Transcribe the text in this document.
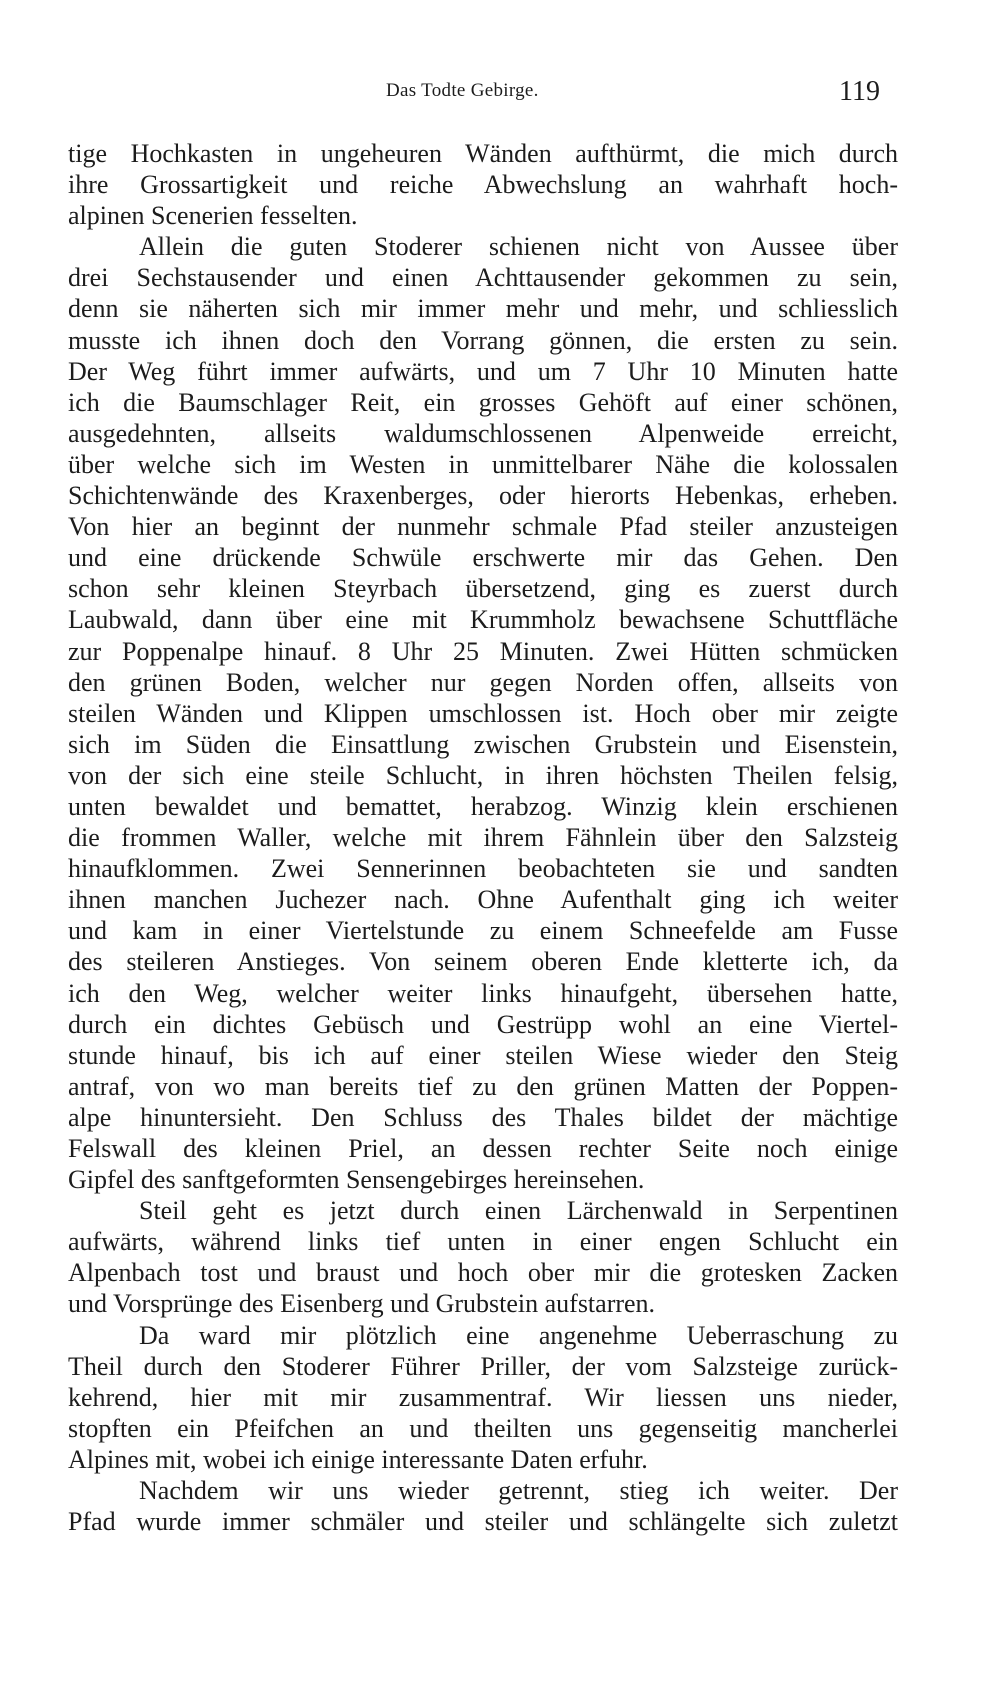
Das Todte Gebirge.	119
tige Hochkasten in ungeheuren Wänden aufthürmt, die mich durch
ihre Grossartigkeit und reiche Abwechslung an wahrhaft hoch-
alpinen Scenerien fesselten.
Allein die guten Stoderer schienen nicht von Aussee über
drei Sechstausender und einen Achttausender gekommen zu sein,
denn sie näherten sich mir immer mehr und mehr, und schliesslich
musste ich ihnen doch den Vorrang gönnen, die ersten zu sein.
Der Weg führt immer aufwärts, und um 7 Uhr 10 Minuten hatte
ich die Baumschlager Reit, ein grosses Gehöft auf einer schönen,
ausgedehnten, allseits waldumschlossenen Alpenweide erreicht,
über welche sich im Westen in unmittelbarer Nähe die kolossalen
Schichtenwände des Kraxenberges, oder hierorts Hebenkas, erheben.
Von hier an beginnt der nunmehr schmale Pfad steiler anzusteigen
und eine drückende Schwüle erschwerte mir das Gehen. Den
schon sehr kleinen Steyrbach übersetzend, ging es zuerst durch
Laubwald, dann über eine mit Krummholz bewachsene Schuttfläche
zur Poppenalpe hinauf. 8 Uhr 25 Minuten. Zwei Hütten schmücken
den grünen Boden, welcher nur gegen Norden offen, allseits von
steilen Wänden und Klippen umschlossen ist. Hoch ober mir zeigte
sich im Süden die Einsattlung zwischen Grubstein und Eisenstein,
von der sich eine steile Schlucht, in ihren höchsten Theilen felsig,
unten bewaldet und bemattet, herabzog. Winzig klein erschienen
die frommen Waller, welche mit ihrem Fähnlein über den Salzsteig
hinaufklommen. Zwei Sennerinnen beobachteten sie und sandten
ihnen manchen Juchezer nach. Ohne Aufenthalt ging ich weiter
und kam in einer Viertelstunde zu einem Schneefelde am Fusse
des steileren Anstieges. Von seinem oberen Ende kletterte ich, da
ich den Weg, welcher weiter links hinaufgeht, übersehen hatte,
durch ein dichtes Gebüsch und Gestrüpp wohl an eine Viertel-
stunde hinauf, bis ich auf einer steilen Wiese wieder den Steig
antraf, von wo man bereits tief zu den grünen Matten der Poppen-
alpe hinuntersieht. Den Schluss des Thales bildet der mächtige
Felswall des kleinen Priel, an dessen rechter Seite noch einige
Gipfel des sanftgeformten Sensengebirges hereinsehen.
Steil geht es jetzt durch einen Lärchenwald in Serpentinen
aufwärts, während links tief unten in einer engen Schlucht ein
Alpenbach tost und braust und hoch ober mir die grotesken Zacken
und Vorsprünge des Eisenberg und Grubstein aufstarren.
Da ward mir plötzlich eine angenehme Ueberraschung zu
Theil durch den Stoderer Führer Priller, der vom Salzsteige zurück-
kehrend, hier mit mir zusammentraf. Wir liessen uns nieder,
stopften ein Pfeifchen an und theilten uns gegenseitig mancherlei
Alpines mit, wobei ich einige interessante Daten erfuhr.
Nachdem wir uns wieder getrennt, stieg ich weiter. Der
Pfad wurde immer schmäler und steiler und schlängelte sich zuletzt
